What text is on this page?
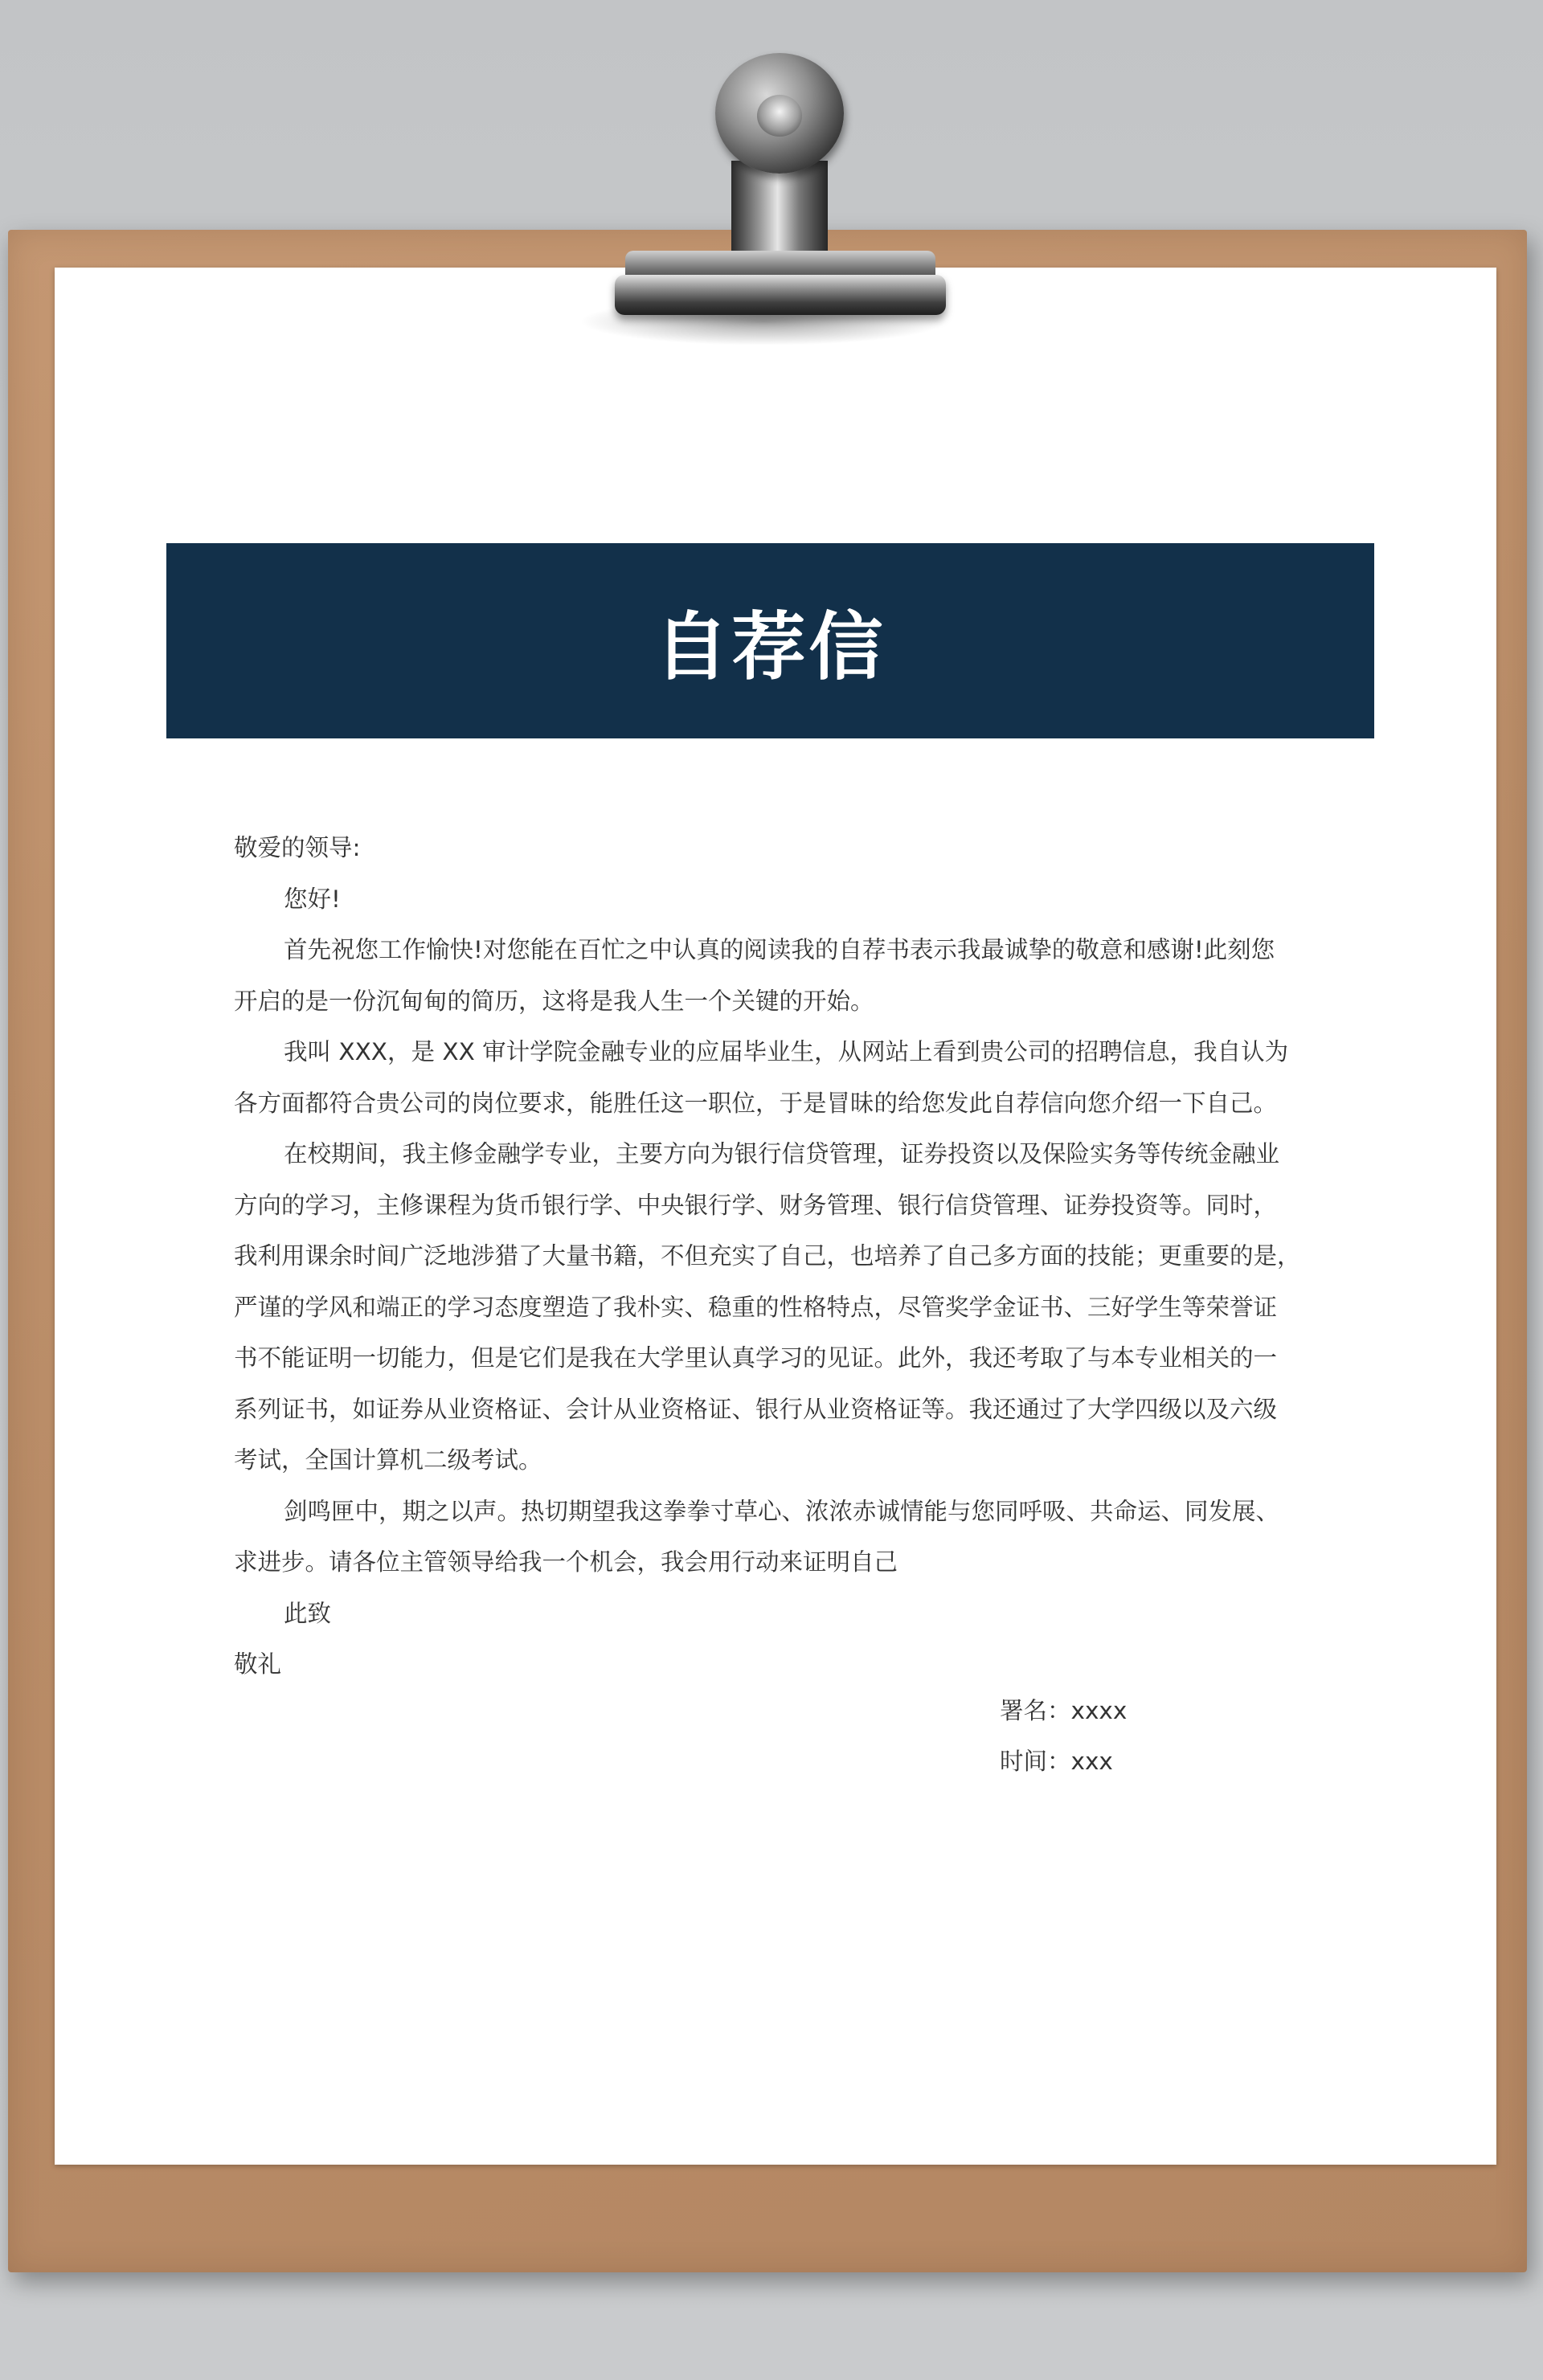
自荐信
敬爱的领导:
您好!
首先祝您工作愉快!对您能在百忙之中认真的阅读我的自荐书表示我最诚挚的敬意和感谢!此刻您
开启的是一份沉甸甸的简历，这将是我人生一个关键的开始。
我叫 XXX，是 XX 审计学院金融专业的应届毕业生，从网站上看到贵公司的招聘信息，我自认为
各方面都符合贵公司的岗位要求，能胜任这一职位，于是冒昧的给您发此自荐信向您介绍一下自己。
在校期间，我主修金融学专业，主要方向为银行信贷管理，证券投资以及保险实务等传统金融业
方向的学习，主修课程为货币银行学、中央银行学、财务管理、银行信贷管理、证券投资等。同时，
我利用课余时间广泛地涉猎了大量书籍，不但充实了自己，也培养了自己多方面的技能；更重要的是，
严谨的学风和端正的学习态度塑造了我朴实、稳重的性格特点，尽管奖学金证书、三好学生等荣誉证
书不能证明一切能力，但是它们是我在大学里认真学习的见证。此外，我还考取了与本专业相关的一
系列证书，如证券从业资格证、会计从业资格证、银行从业资格证等。我还通过了大学四级以及六级
考试，全国计算机二级考试。
剑鸣匣中，期之以声。热切期望我这拳拳寸草心、浓浓赤诚情能与您同呼吸、共命运、同发展、
求进步。请各位主管领导给我一个机会，我会用行动来证明自己
此致
敬礼
署名：xxxx
时间：xxx
